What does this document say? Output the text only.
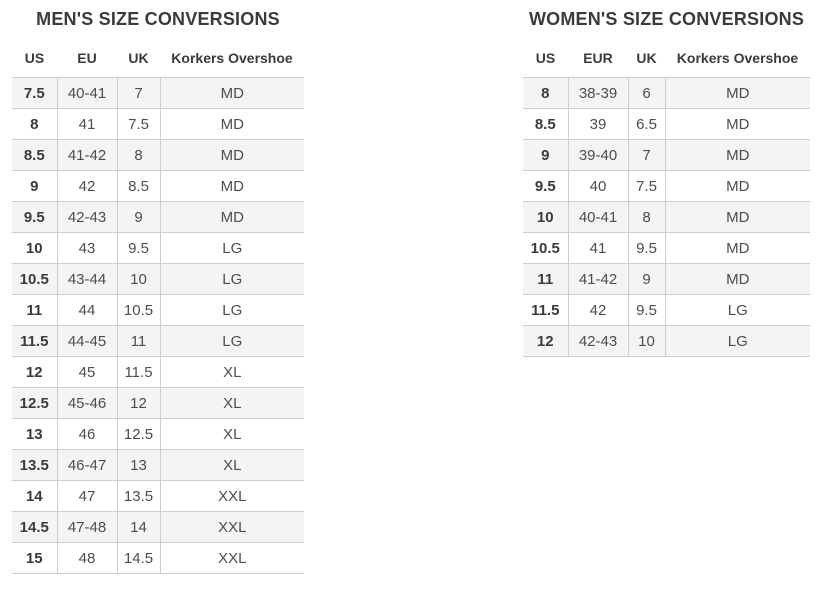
MEN'S SIZE CONVERSIONS
US	EU	UK	Korkers Overshoe
7.5	40-41	7	MD
8	41	7.5	MD
8.5	41-42	8	MD
9	42	8.5	MD
9.5	42-43	9	MD
10	43	9.5	LG
10.5	43-44	10	LG
11	44	10.5	LG
11.5	44-45	11	LG
12	45	11.5	XL
12.5	45-46	12	XL
13	46	12.5	XL
13.5	46-47	13	XL
14	47	13.5	XXL
14.5	47-48	14	XXL
15	48	14.5	XXL
WOMEN'S SIZE CONVERSIONS
US	EUR	UK	Korkers Overshoe
8	38-39	6	MD
8.5	39	6.5	MD
9	39-40	7	MD
9.5	40	7.5	MD
10	40-41	8	MD
10.5	41	9.5	MD
11	41-42	9	MD
11.5	42	9.5	LG
12	42-43	10	LG
